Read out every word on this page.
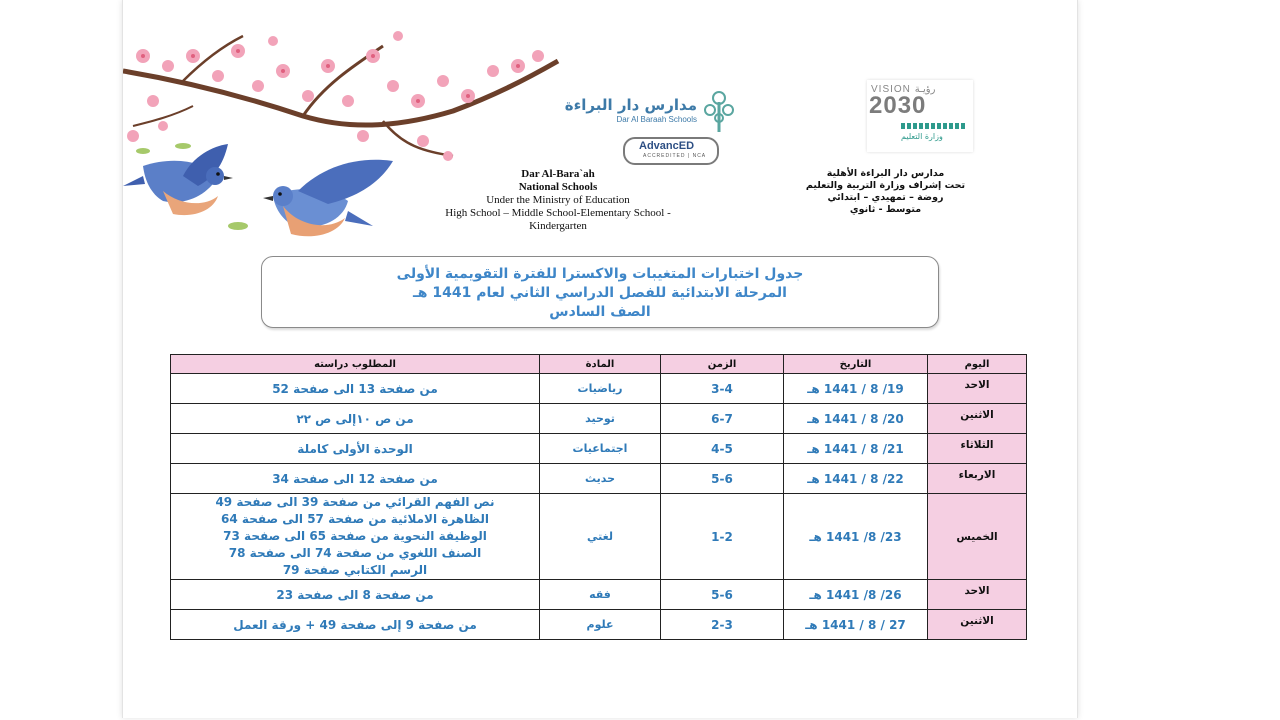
مدارس دار البراءة
Dar Al Baraah Schools
AdvancED
ACCREDITED | NCA
VISION رؤيـة
2030
وزارة التعليم
Dar Al-Bara`ah
National Schools
Under the Ministry of Education
High School – Middle School-Elementary School -
Kindergarten
مدارس دار البراءة الأهلية
تحت إشراف وزارة التربية والتعليم
روضة – تمهيدي – ابتدائي
متوسط - ثانوي
جدول اختبارات المتغيبات والاكسترا للفترة التقويمية الأولى
المرحلة الابتدائية للفصل الدراسي الثاني لعام 1441 هـ
الصف السادس
اليوم	التاريخ	الزمن	المادة	المطلوب دراسته
الاحد	19/ 8 / 1441 هـ	3-4	رياضيات	من صفحة 13 الى صفحة 52
الاثنين	20/ 8 / 1441 هـ	6-7	توحيد	من ص ١٠إلى ص ٢٢
الثلاثاء	21/ 8 / 1441 هـ	4-5	اجتماعيات	الوحدة الأولى كاملة
الاربعاء	22/ 8 / 1441 هـ	5-6	حديث	من صفحة 12 الى صفحة 34
الخميس	23/ 8/ 1441 هـ	1-2	لغتي	نص الفهم القرائي من صفحة 39 الى صفحة 49
الظاهرة الاملائية من صفحة 57 الى صفحة 64
الوظيفة النحوية من صفحة 65 الى صفحة 73
الصنف اللغوي من صفحة 74 الى صفحة 78
الرسم الكتابي صفحة 79

الاحد	26/ 8/ 1441 هـ	5-6	فقه	من صفحة 8 الى صفحة 23
الاثنين	27 / 8 / 1441 هـ	2-3	علوم	من صفحة 9 إلى صفحة 49 + ورقة العمل
